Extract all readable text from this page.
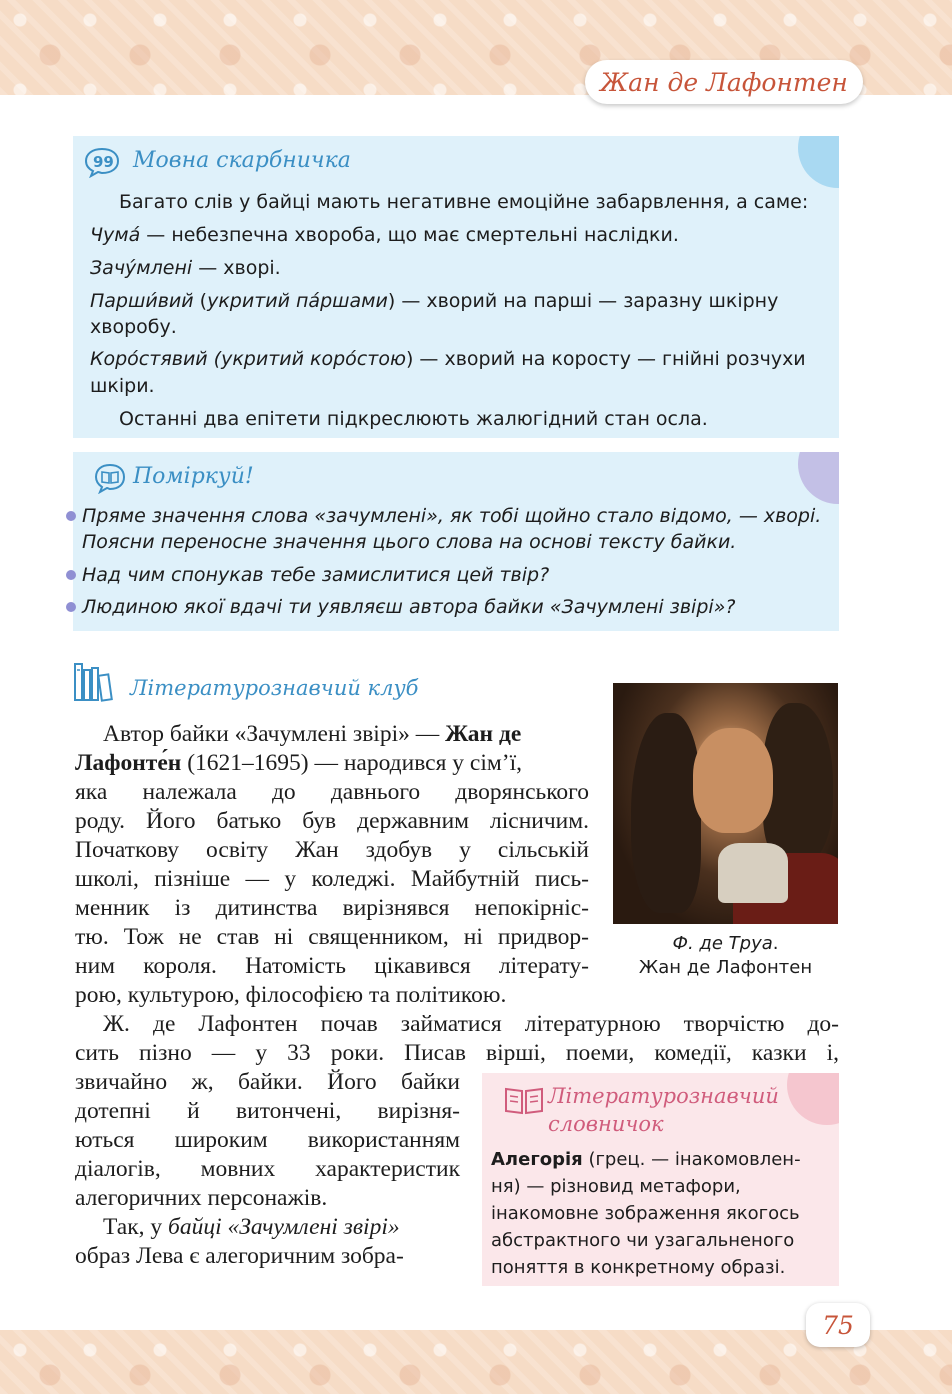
Жан де Лафонтен
99 Мовна скарбничка
Багато слів у байці мають негативне емоційне забарвлення, а саме:
Чума́ — небезпечна хвороба, що має смертельні наслідки.
Зачу́млені — хворі.
Парши́вий (укритий па́ршами) — хворий на парші — заразну шкірну
хворобу.
Коро́стявий (укритий коро́стою) — хворий на коросту — гнійні розчухи
шкіри.
Останні два епітети підкреслюють жалюгідний стан осла.
Поміркуй!
Пряме значення слова «зачумлені», як тобі щойно стало відомо, — хворі.
Поясни переносне значення цього слова на основі тексту байки.
Над чим спонукав тебе замислитися цей твір?
Людиною якої вдачі ти уявляєш автора байки «Зачумлені звірі»?
Літературознавчий клуб
Автор байки «Зачумлені звірі» — Жан де
Лафонте́н (1621–1695) — народився у сім’ї,
яка належала до давнього дворянського
роду. Його батько був державним лісничим.
Початкову освіту Жан здобув у сільській
школі, пізніше — у коледжі. Майбутній пись-
менник із дитинства вирізнявся непокірніс-
тю. Тож не став ні священником, ні придвор-
ним короля. Натомість цікавився літерату-
рою, культурою, філософією та політикою.
Ж. де Лафонтен почав займатися літературною творчістю до-
сить пізно — у 33 роки. Писав вірші, поеми, комедії, казки і,
звичайно ж, байки. Його байки
дотепні й витончені, вирізня-
ються широким використанням
діалогів, мовних характеристик
алегоричних персонажів.
Так, у байці «Зачумлені звірі»
образ Лева є алегоричним зобра-
Ф. де Труа.
Жан де Лафонтен
Літературознавчий
словничок
Алегорія (грец. — інакомовлен-
ня) — різновид метафори,
інакомовне зображення якогось
абстрактного чи узагальненого
поняття в конкретному образі.
75
